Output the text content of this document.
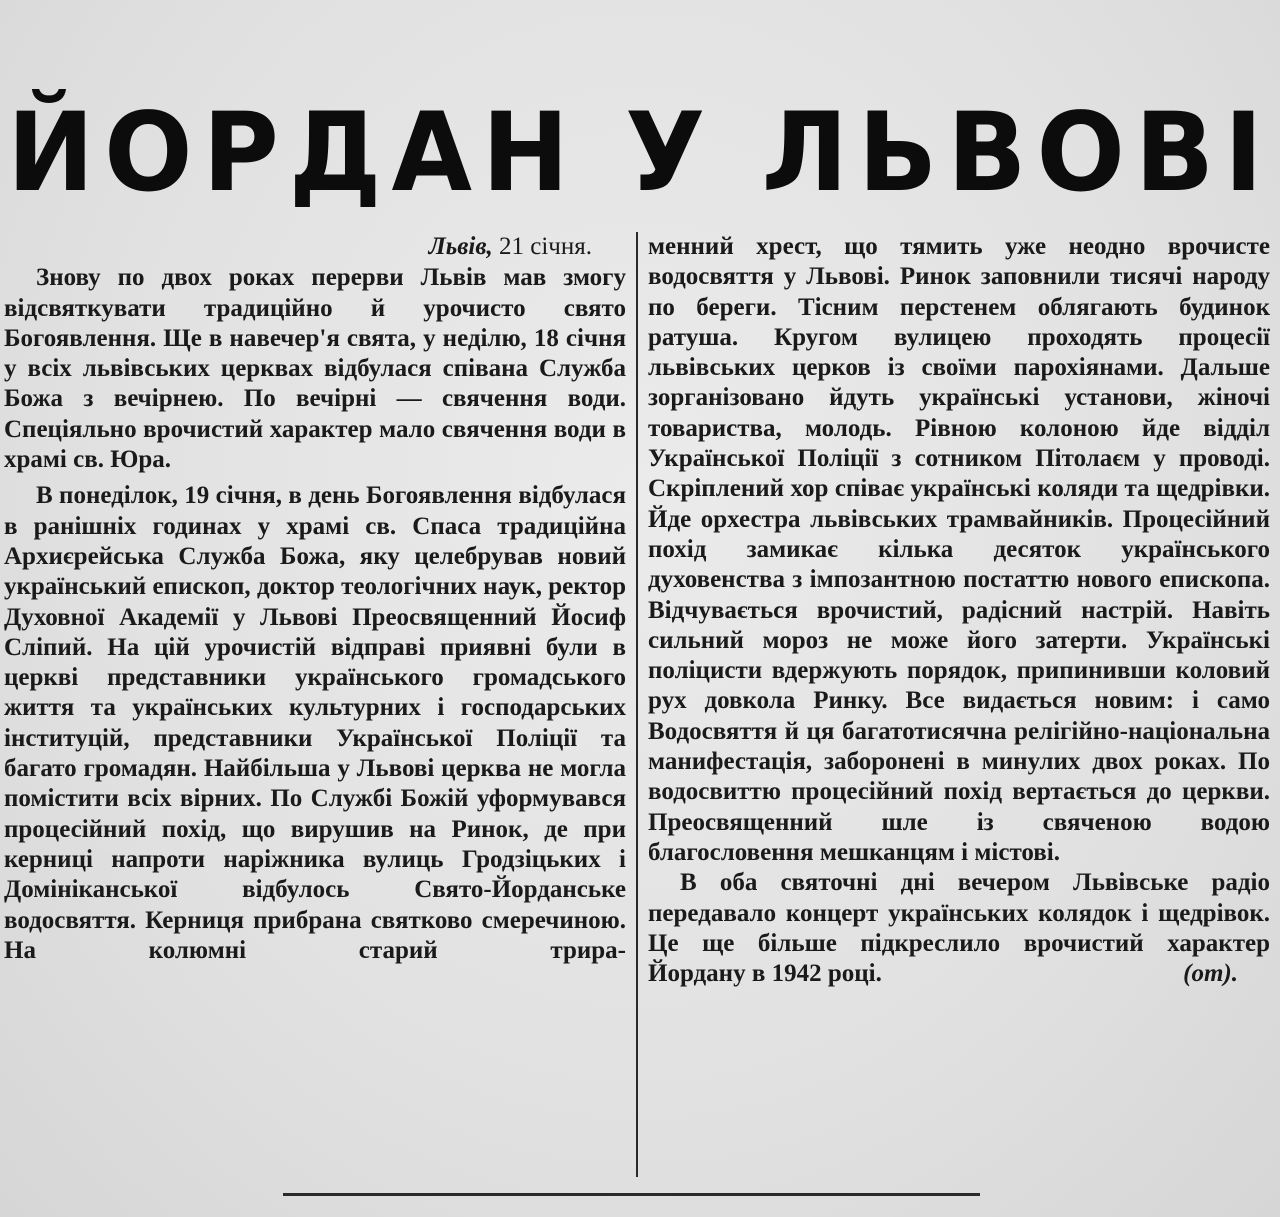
ЙОРДАН У ЛЬВОВІ
Львів, 21 січня.

Знову по двох роках перерви Львів мав змогу відсвяткувати традиційно й урочисто свято Богоявлення. Ще в навечер'я свята, у неділю, 18 січня у всіх львівських церквах відбулася співана Служба Божа з вечірнею. По вечірні — свячення води. Спеціяльно врочистий характер мало свячення води в храмі св. Юра.

В понеділок, 19 січня, в день Богоявлення відбулася в ранішніх годинах у храмі св. Спаса традиційна Архиєрейська Служба Божа, яку целебрував новий український епископ, доктор теологічних наук, ректор Духовної Академії у Львові Преосвященний Йосиф Сліпий. На цій урочистій відправі приявні були в церкві представники українського громадського життя та українських культурних і господарських інституцій, представники Української Поліції та багато громадян. Найбільша у Львові церква не могла помістити всіх вірних. По Службі Божій уформувався процесійний похід, що вирушив на Ринок, де при керниці напроти наріжника вулиць Гродзіцьких і Домініканської відбулось Свято-Йорданське водосвяття. Керниця прибрана святково смеречиною. На колюмні старий трира-

менний хрест, що тямить уже неодно врочисте водосвяття у Львові. Ринок заповнили тисячі народу по береги. Тісним перстенем облягають будинок ратуша. Кругом вулицею проходять процесії львівських церков із своїми парохіянами. Дальше зорганізовано йдуть українські установи, жіночі товариства, молодь. Рівною колоною йде відділ Української Поліції з сотником Пітолаєм у проводі. Скріплений хор співає українські коляди та щедрівки. Йде орхестра львівських трамвайників. Процесійний похід замикає кілька десяток українського духовенства з імпозантною постаттю нового епископа. Відчувається врочистий, радісний настрій. Навіть сильний мороз не може його затерти. Українські поліцисти вдержують порядок, припинивши коловий рух довкола Ринку. Все видається новим: і само Водосвяття й ця багатотисячна релігійно-національна манифестація, заборонені в минулих двох роках. По водосвиттю процесійний похід вертається до церкви. Преосвященний шле із свяченою водою благословення мешканцям і містові.

В оба святочні дні вечером Львівське радіо передавало концерт українських колядок і щедрівок. Це ще більше підкреслило врочистий характер Йордану в 1942 році.	(от).
